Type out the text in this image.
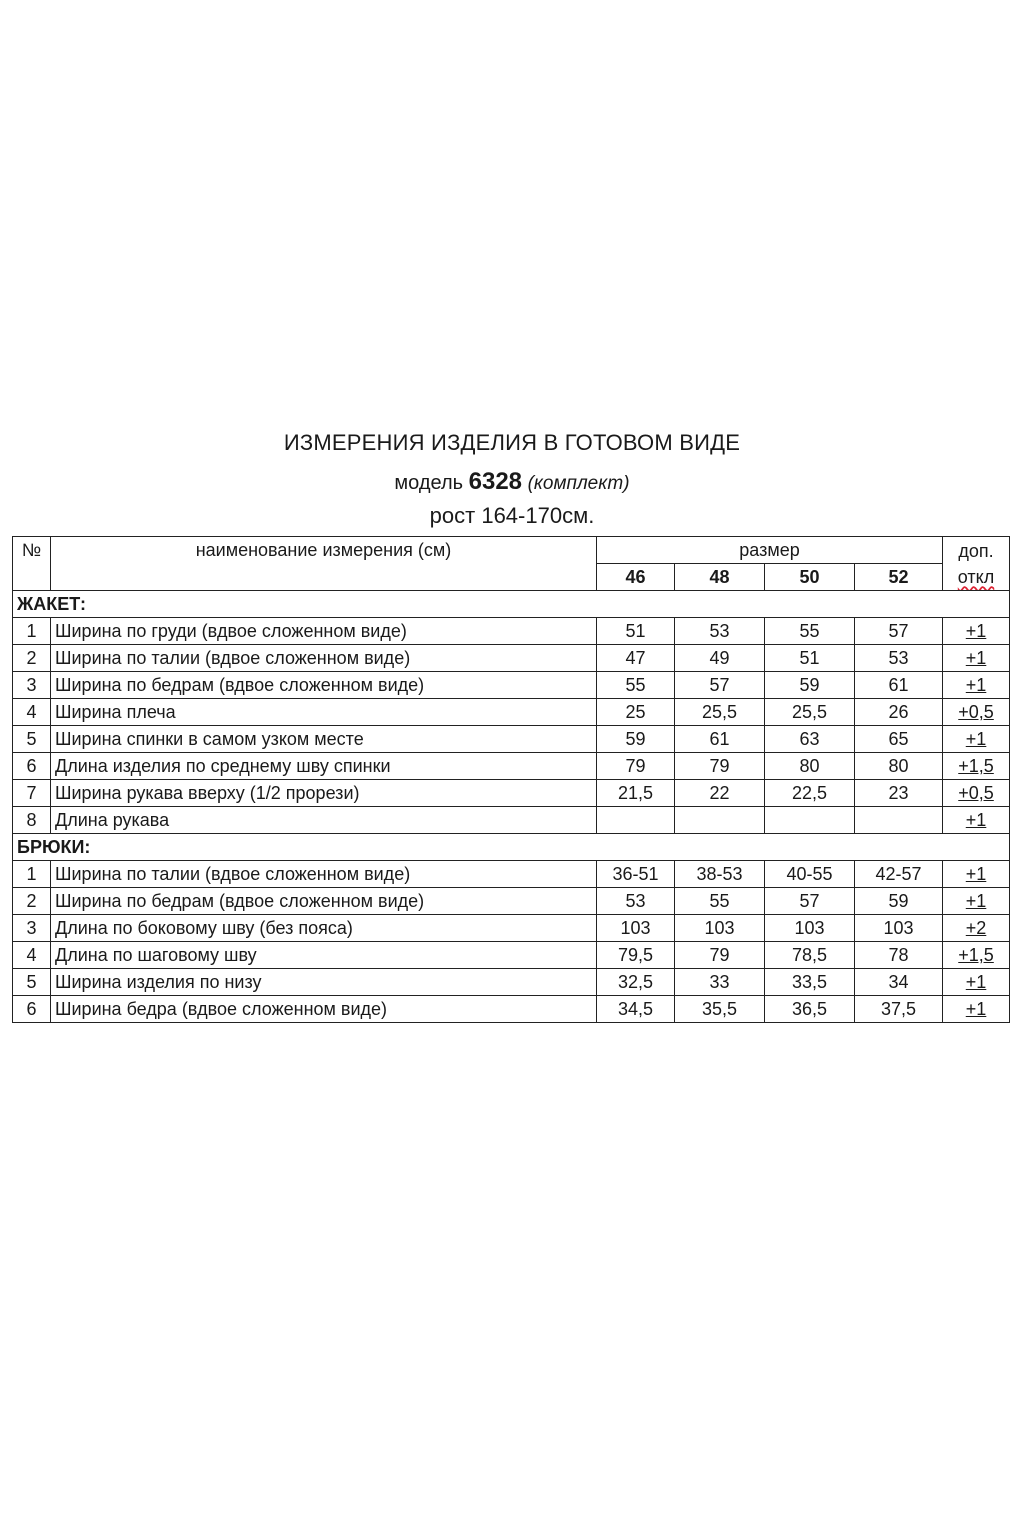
ИЗМЕРЕНИЯ ИЗДЕЛИЯ В ГОТОВОМ ВИДЕ
модель 6328 (комплект)
рост 164-170см.
№	наименование измерения (см)	размер				доп.
откл

		46	48	50	52	
ЖАКЕТ:						
1	Ширина по груди (вдвое сложенном виде)	51	53	55	57	+1
2	Ширина по талии (вдвое сложенном виде)	47	49	51	53	+1
3	Ширина по бедрам (вдвое сложенном виде)	55	57	59	61	+1
4	Ширина плеча	25	25,5	25,5	26	+0,5
5	Ширина спинки в самом узком месте	59	61	63	65	+1
6	Длина изделия по среднему шву спинки	79	79	80	80	+1,5
7	Ширина рукава вверху (1/2 прорези)	21,5	22	22,5	23	+0,5
8	Длина рукава					+1
БРЮКИ:						
1	Ширина по талии (вдвое сложенном виде)	36-51	38-53	40-55	42-57	+1
2	Ширина по бедрам (вдвое сложенном виде)	53	55	57	59	+1
3	Длина по боковому шву (без пояса)	103	103	103	103	+2
4	Длина по шаговому шву	79,5	79	78,5	78	+1,5
5	Ширина изделия по низу	32,5	33	33,5	34	+1
6	Ширина бедра (вдвое сложенном виде)	34,5	35,5	36,5	37,5	+1
